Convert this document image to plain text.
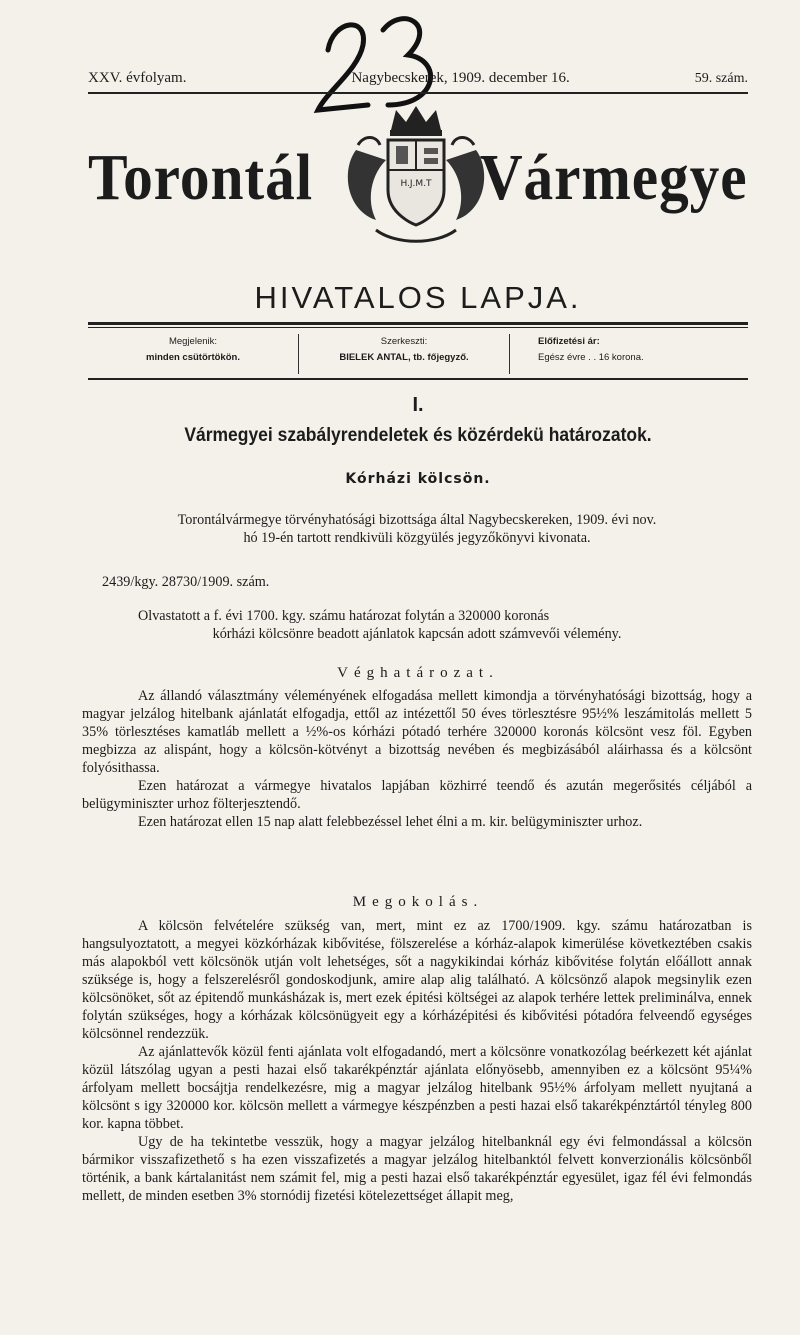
XXV. évfolyam.	Nagybecskerek, 1909. december 16.	59. szám.
Torontál	H.J.M.T Vármegye
HIVATALOS LAPJA.
Megjelenik:
minden csütörtökön.
Szerkeszti:
BIELEK ANTAL, tb. főjegyző.
Előfizetési ár:
Egész évre . . 16 korona.
I.
Vármegyei szabályrendeletek és közérdekü határozatok.
Kórházi kölcsön.

Torontálvármegye törvényhatósági bizottsága által Nagybecskereken, 1909. évi nov.

hó 19-én tartott rendkivüli közgyülés jegyzőkönyvi kivonata.

2439/kgy. 28730/1909. szám.

Olvastatott a f. évi 1700. kgy. számu határozat folytán a 320000 koronás

kórházi kölcsönre beadott ajánlatok kapcsán adott számvevői vélemény.

Véghatározat.

Az állandó választmány véleményének elfogadása mellett kimondja a törvényhatósági bizottság, hogy a magyar jelzálog hitelbank ajánlatát elfogadja, ettől az intézettől 50 éves törlesztésre 95½% leszámitolás mellett 5 35% törlesztéses kamatláb mellett a ½%-os kórházi pótadó terhére 320000 koronás kölcsönt vesz föl. Egyben megbizza az alispánt, hogy a kölcsön-kötvényt a bizottság nevében és megbizásából aláirhassa és a kölcsönt folyósithassa.

Ezen határozat a vármegye hivatalos lapjában közhirré teendő és azután megerősités céljából a belügyminiszter urhoz fölterjesztendő.

Ezen határozat ellen 15 nap alatt felebbezéssel lehet élni a m. kir. belügyminiszter urhoz.

Megokolás.

A kölcsön felvételére szükség van, mert, mint ez az 1700/1909. kgy. számu határozatban is hangsulyoztatott, a megyei közkórházak kibővitése, fölszerelése a kórház-alapok kimerülése következtében csakis más alapokból vett kölcsönök utján volt lehetséges, sőt a nagykikindai kórház kibővitése folytán előállott annak szüksége is, hogy a felszerelésről gondoskodjunk, amire alap alig található. A kölcsönző alapok megsinylik ezen kölcsönöket, sőt az épitendő munkásházak is, mert ezek épitési költségei az alapok terhére lettek preliminálva, ennek folytán szükséges, hogy a kórházak kölcsönügyeit egy a kórházépitési és kibővitési pótadóra felveendő egységes kölcsönnel rendezzük.

Az ajánlattevők közül fenti ajánlata volt elfogadandó, mert a kölcsönre vonatkozólag beérkezett két ajánlat közül látszólag ugyan a pesti hazai első takarékpénztár ajánlata előnyösebb, amennyiben ez a kölcsönt 95¼% árfolyam mellett bocsájtja rendelkezésre, mig a magyar jelzálog hitelbank 95½% árfolyam mellett nyujtaná a kölcsönt s igy 320000 kor. kölcsön mellett a vármegye készpénzben a pesti hazai első takarékpénztártól tényleg 800 kor. kapna többet.

Ugy de ha tekintetbe vesszük, hogy a magyar jelzálog hitelbanknál egy évi felmondással a kölcsön bármikor visszafizethető s ha ezen visszafizetés a magyar jelzálog hitelbanktól felvett konverzionális kölcsönből történik, a bank kártalanitást nem számit fel, mig a pesti hazai első takarékpénztár egyesület, igaz fél évi felmondás mellett, de minden esetben 3% stornódij fizetési kötelezettséget állapit meg,
